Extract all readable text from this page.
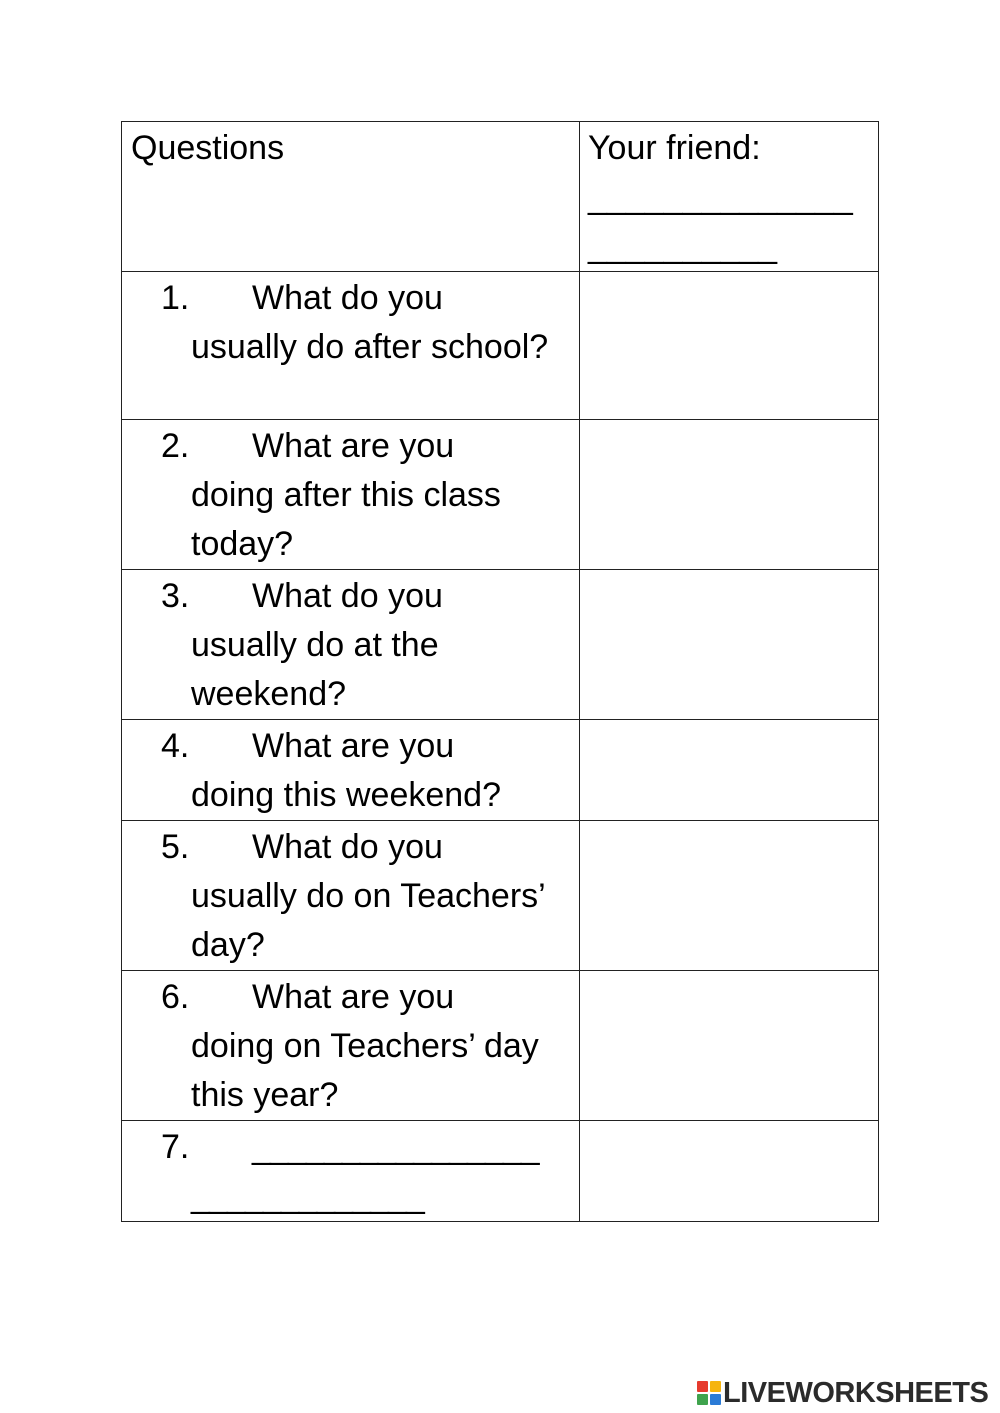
Questions	Your friend:
________________________

1. What do you
usually do after school?	

2. What are you
doing after this class today?	

3. What do you
usually do at the weekend?	

4. What are you
doing this weekend?	

5. What do you
usually do on Teachers’ day?	

6. What are you
doing on Teachers’ day this year?	

7. ________________
_____________	

LIVEWORKSHEETS
